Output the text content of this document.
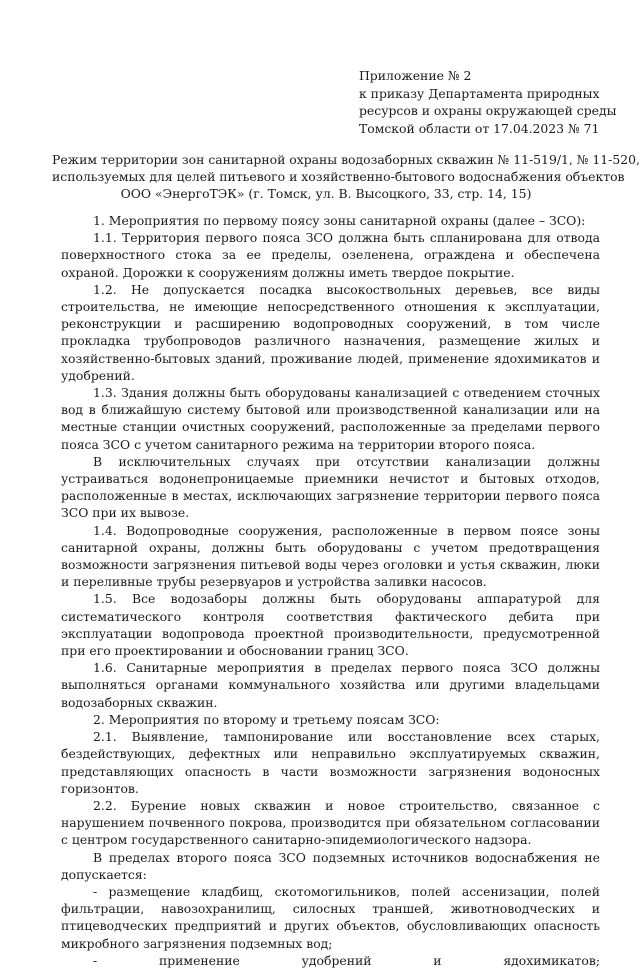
Приложение № 2
к приказу Департамента природных
ресурсов и охраны окружающей среды
Томской области от 17.04.2023 № 71
Режим территории зон санитарной охраны водозаборных скважин № 11-519/1, № 11-520,
используемых для целей питьевого и хозяйственно-бытового водоснабжения объектов
ООО «ЭнергоТЭК» (г. Томск, ул. В. Высоцкого, 33, стр. 14, 15)

1. Мероприятия по первому поясу зоны санитарной охраны (далее – ЗСО):

1.1. Территория первого пояса ЗСО должна быть спланирована для отвода поверхностного стока за ее пределы, озеленена, ограждена и обеспечена охраной. Дорожки к сооружениям должны иметь твердое покрытие.

1.2. Не допускается посадка высокоствольных деревьев, все виды строительства, не имеющие непосредственного отношения к эксплуатации, реконструкции и расширению водопроводных сооружений, в том числе прокладка трубопроводов различного назначения, размещение жилых и хозяйственно-бытовых зданий, проживание людей, применение ядохимикатов и удобрений.

1.3. Здания должны быть оборудованы канализацией с отведением сточных вод в ближайшую систему бытовой или производственной канализации или на местные станции очистных сооружений, расположенные за пределами первого пояса ЗСО с учетом санитарного режима на территории второго пояса.

В исключительных случаях при отсутствии канализации должны устраиваться водонепроницаемые приемники нечистот и бытовых отходов, расположенные в местах, исключающих загрязнение территории первого пояса ЗСО при их вывозе.

1.4. Водопроводные сооружения, расположенные в первом поясе зоны санитарной охраны, должны быть оборудованы с учетом предотвращения возможности загрязнения питьевой воды через оголовки и устья скважин, люки и переливные трубы резервуаров и устройства заливки насосов.

1.5. Все водозаборы должны быть оборудованы аппаратурой для систематического контроля соответствия фактического дебита при эксплуатации водопровода проектной производительности, предусмотренной при его проектировании и обосновании границ ЗСО.

1.6. Санитарные мероприятия в пределах первого пояса ЗСО должны выполняться органами коммунального хозяйства или другими владельцами водозаборных скважин.

2. Мероприятия по второму и третьему поясам ЗСО:

2.1. Выявление, тампонирование или восстановление всех старых, бездействующих, дефектных или неправильно эксплуатируемых скважин, представляющих опасность в части возможности загрязнения водоносных горизонтов.

2.2. Бурение новых скважин и новое строительство, связанное с нарушением почвенного покрова, производится при обязательном согласовании с центром государственного санитарно-эпидемиологического надзора.

В пределах второго пояса ЗСО подземных источников водоснабжения не допускается:

- размещение кладбищ, скотомогильников, полей ассенизации, полей фильтрации, навозохранилищ, силосных траншей, животноводческих и птицеводческих предприятий и других объектов, обусловливающих опасность микробного загрязнения подземных вод;

- применение удобрений и ядохимикатов;
